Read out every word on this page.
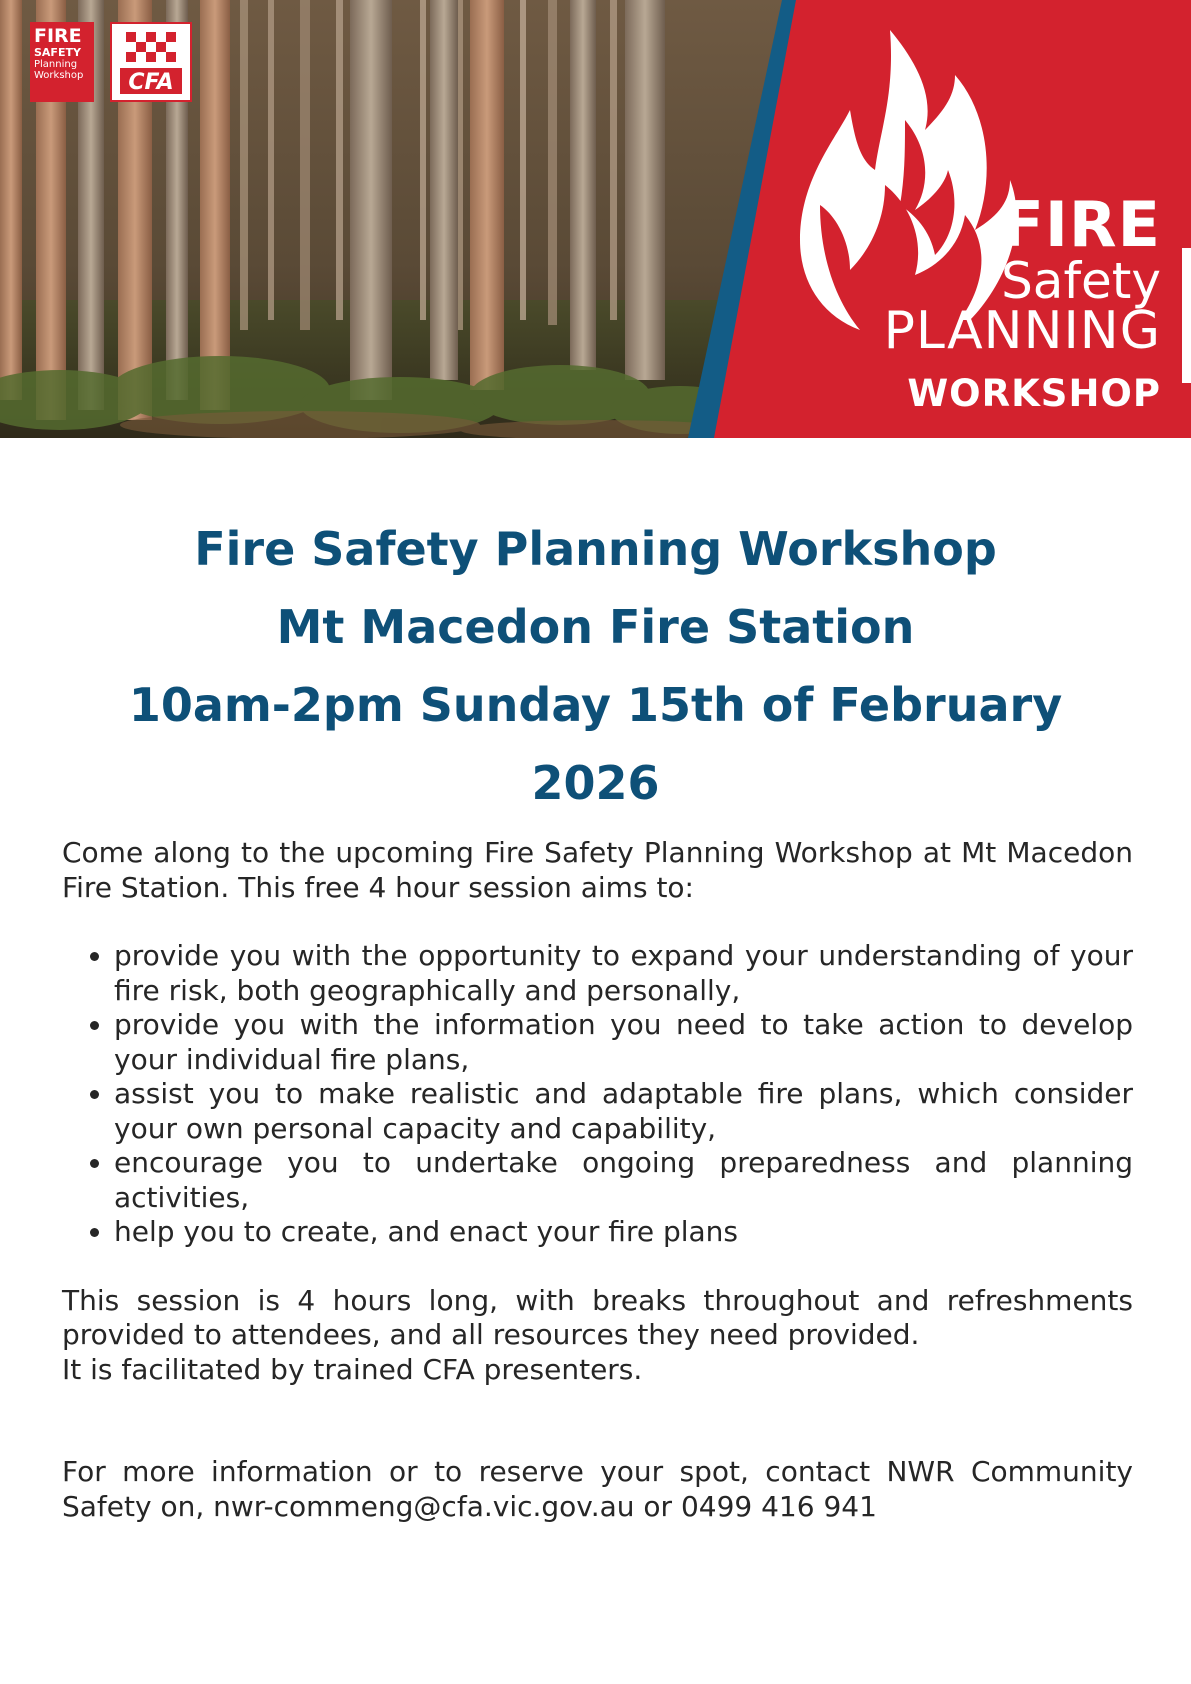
FIRE
SAFETY
Planning
Workshop	CFA
FIRE
Safety
PLANNING
WORKSHOP
Fire Safety Planning Workshop
Mt Macedon Fire Station
10am-2pm Sunday 15th of February
2026

Come along to the upcoming Fire Safety Planning Workshop at Mt Macedon Fire Station. This free 4 hour session aims to:

• provide you with the opportunity to expand your understanding of your fire risk, both geographically and personally,
• provide you with the information you need to take action to develop your individual fire plans,
• assist you to make realistic and adaptable fire plans, which consider your own personal capacity and capability,
• encourage you to undertake ongoing preparedness and planning activities,
• help you to create, and enact your fire plans

This session is 4 hours long, with breaks throughout and refreshments provided to attendees, and all resources they need provided.

It is facilitated by trained CFA presenters.

For more information or to reserve your spot, contact NWR Community Safety on, nwr-commeng@cfa.vic.gov.au or 0499 416 941
